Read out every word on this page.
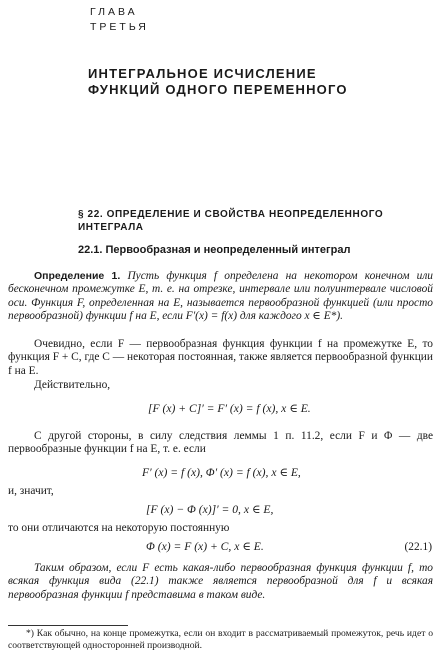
ГЛАВА
ТРЕТЬЯ
ИНТЕГРАЛЬНОЕ ИСЧИСЛЕНИЕ
ФУНКЦИЙ ОДНОГО ПЕРЕМЕННОГО
§ 22. ОПРЕДЕЛЕНИЕ И СВОЙСТВА НЕОПРЕДЕЛЕННОГО
ИНТЕГРАЛА
22.1. Первообразная и неопределенный интеграл
Определение 1. Пусть функция f определена на некотором конечном или бесконечном промежутке E, т. е. на отрезке, интервале или полуинтервале числовой оси. Функция F, определенная на E, называется первообразной функцией (или просто первообразной) функции f на E, если F′(x) = f(x) для каждого x ∈ E*).
Очевидно, если F — первообразная функция функции f на промежутке E, то функция F + C, где C — некоторая постоянная, также является первообразной функции f на E.
Действительно,
[F (x) + C]′ = F′ (x) = f (x), x ∈ E.
С другой стороны, в силу следствия леммы 1 п. 11.2, если F и Φ — две первообразные функции f на E, т. е. если
F′ (x) = f (x), Φ′ (x) = f (x), x ∈ E,
и, значит,
[F (x) − Φ (x)]′ = 0, x ∈ E,
то они отличаются на некоторую постоянную
Φ (x) = F (x) + C, x ∈ E.	(22.1)
Таким образом, если F есть какая-либо первообразная функция функции f, то всякая функция вида (22.1) также является первообразной для f и всякая первообразная функции f представима в таком виде.
*) Как обычно, на конце промежутка, если он входит в рассматриваемый промежуток, речь идет о соответствующей односторонней производной.
